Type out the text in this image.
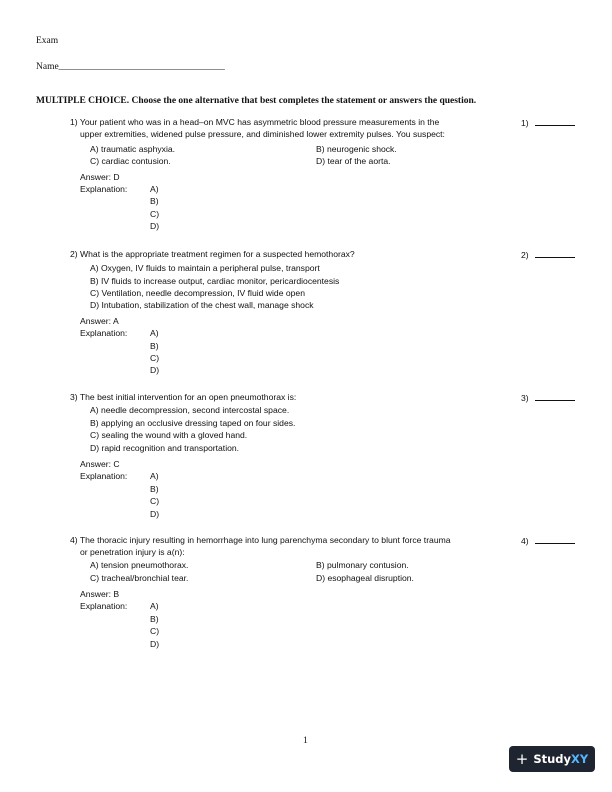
Exam
Name___________________________________
MULTIPLE CHOICE. Choose the one alternative that best completes the statement or answers the question.
1) Your patient who was in a head–on MVC has asymmetric blood pressure measurements in the
upper extremities, widened pulse pressure, and diminished lower extremity pulses. You suspect:
1)
A) traumatic asphyxia.	B) neurogenic shock.
C) cardiac contusion.	D) tear of the aorta.
Answer: D
Explanation:	A)
B)
C)
D)
2) What is the appropriate treatment regimen for a suspected hemothorax?	2)
A) Oxygen, IV fluids to maintain a peripheral pulse, transport
B) IV fluids to increase output, cardiac monitor, pericardiocentesis
C) Ventilation, needle decompression, IV fluid wide open
D) Intubation, stabilization of the chest wall, manage shock
Answer: A
Explanation:	A)
B)
C)
D)
3) The best initial intervention for an open pneumothorax is:	3)
A) needle decompression, second intercostal space.
B) applying an occlusive dressing taped on four sides.
C) sealing the wound with a gloved hand.
D) rapid recognition and transportation.
Answer: C
Explanation:	A)
B)
C)
D)
4) The thoracic injury resulting in hemorrhage into lung parenchyma secondary to blunt force trauma
or penetration injury is a(n):
4)
A) tension pneumothorax.	B) pulmonary contusion.
C) tracheal/bronchial tear.	D) esophageal disruption.
Answer: B
Explanation:	A)
B)
C)
D)
1
+ StudyXY
